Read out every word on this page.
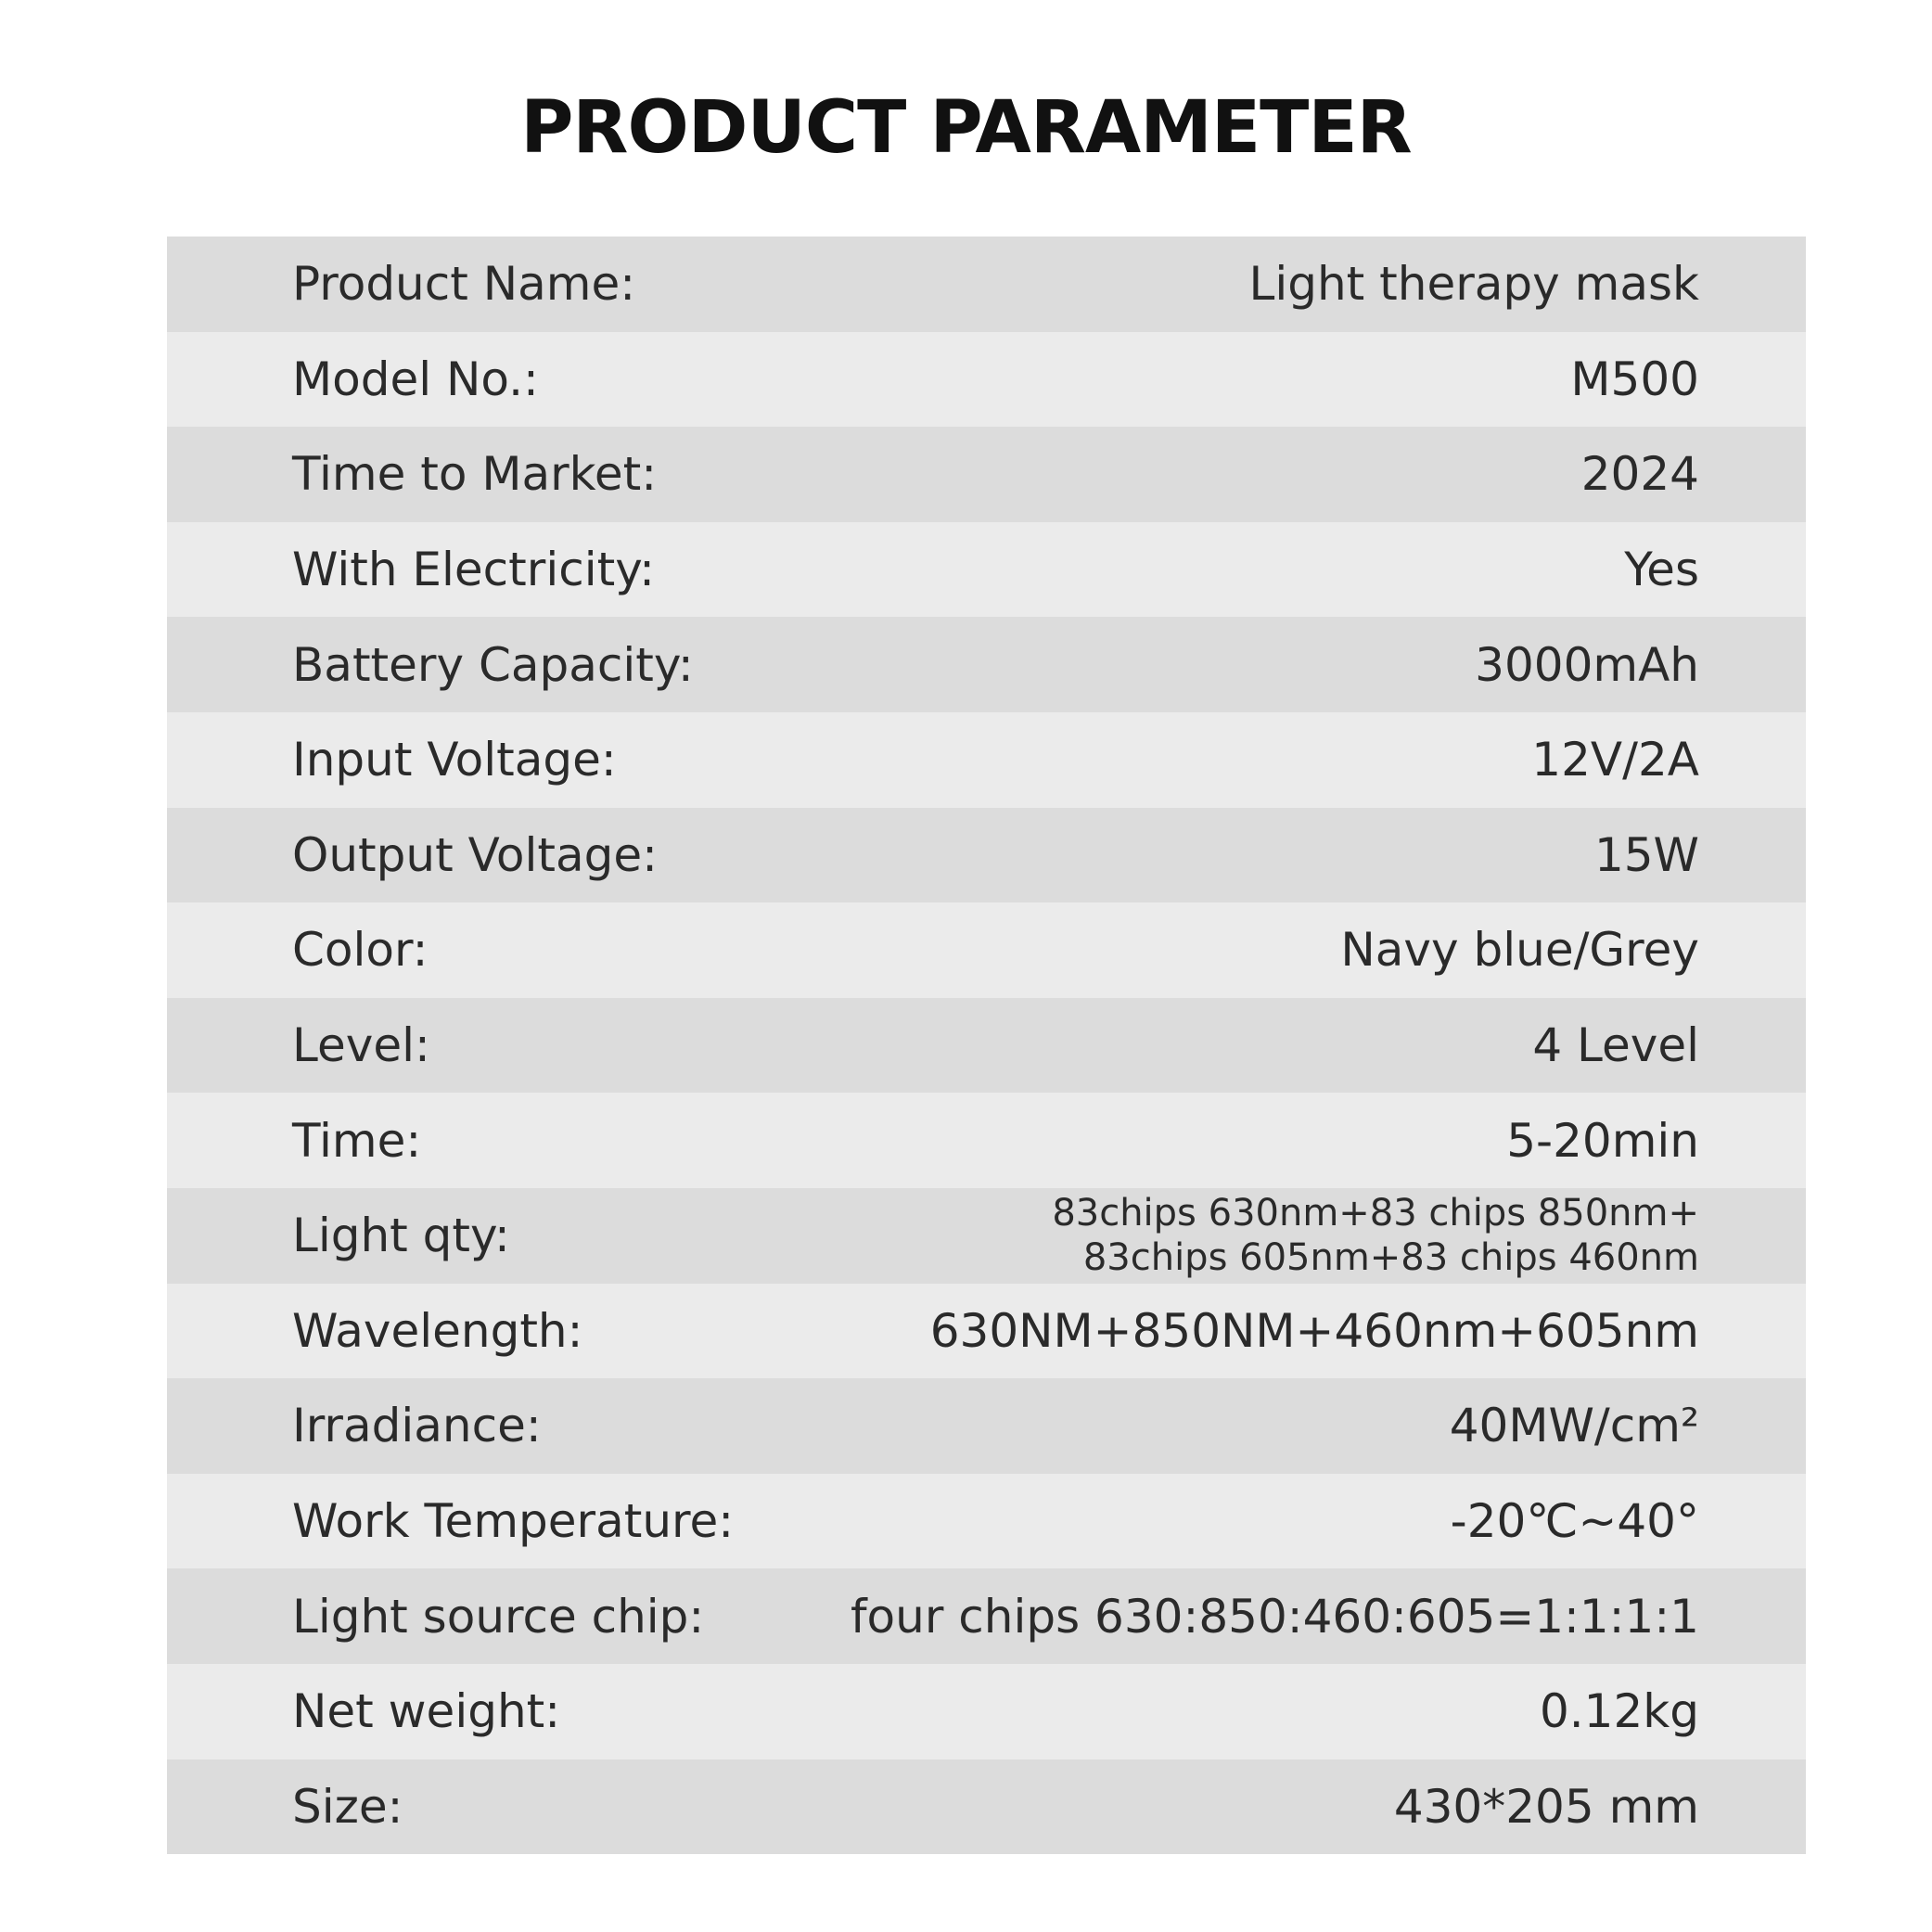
PRODUCT PARAMETER
Product Name:	Light therapy mask
Model No.:	M500
Time to Market:	2024
With Electricity:	Yes
Battery Capacity:	3000mAh
Input Voltage:	12V/2A
Output Voltage:	15W
Color:	Navy blue/Grey
Level:	4 Level
Time:	5-20min
Light qty:	83chips 630nm+83 chips 850nm+
83chips 605nm+83 chips 460nm
Wavelength:	630NM+850NM+460nm+605nm
Irradiance:	40MW/cm²
Work Temperature:	-20℃~40°
Light source chip:	four chips 630:850:460:605=1:1:1:1
Net weight:	0.12kg
Size:	430*205 mm
